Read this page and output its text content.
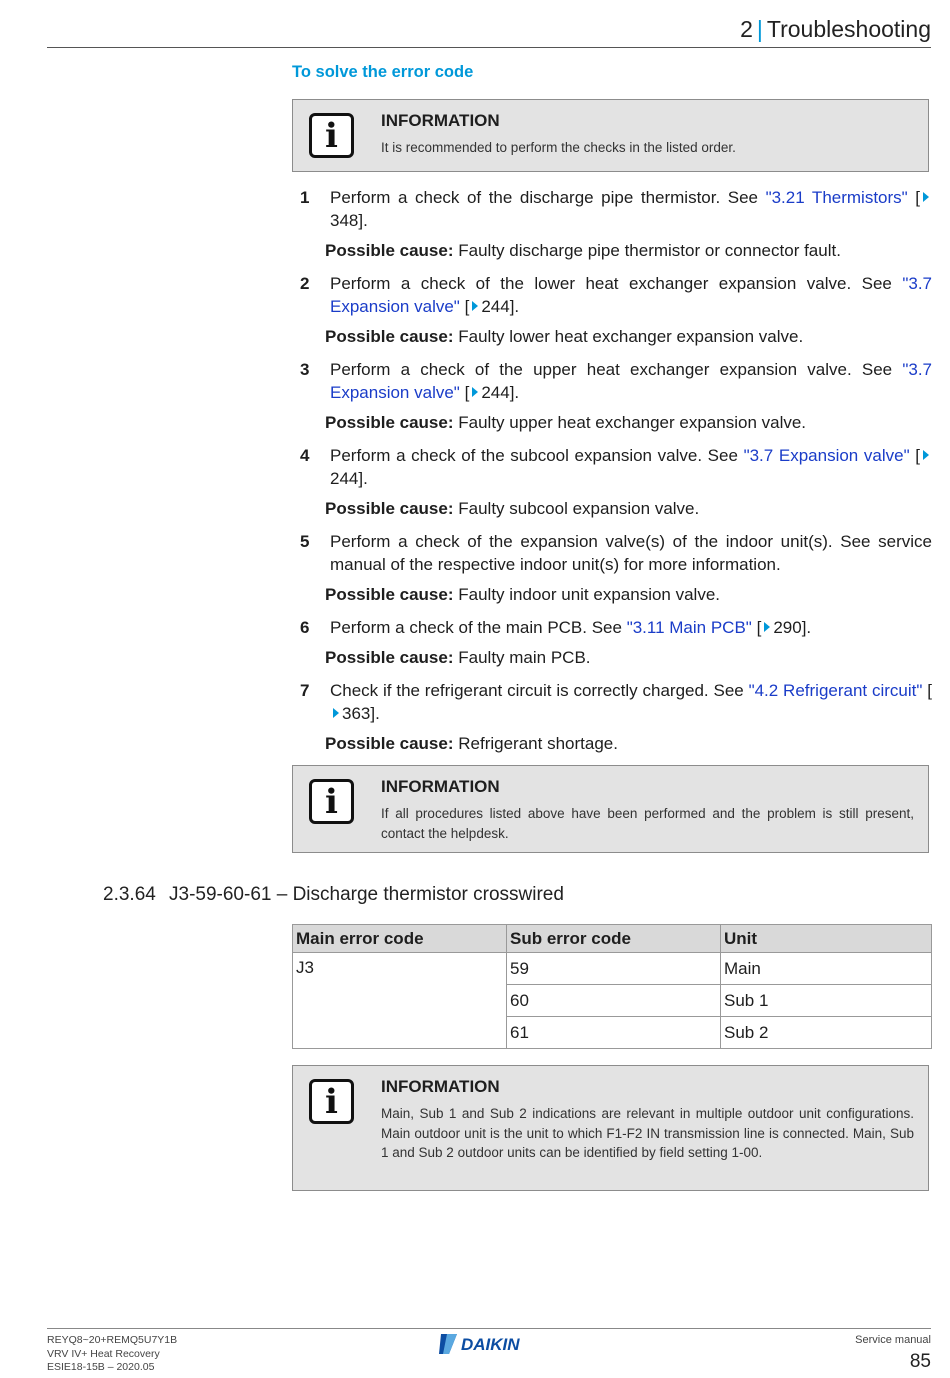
2 | Troubleshooting
To solve the error code
i	INFORMATION
It is recommended to perform the checks in the listed order.
1 Perform a check of the discharge pipe thermistor. See "3.21 Thermistors" [348].
Possible cause: Faulty discharge pipe thermistor or connector fault.
2 Perform a check of the lower heat exchanger expansion valve. See "3.7 Expansion valve" [ 244].
Possible cause: Faulty lower heat exchanger expansion valve.
3 Perform a check of the upper heat exchanger expansion valve. See "3.7 Expansion valve" [ 244].
Possible cause: Faulty upper heat exchanger expansion valve.
4 Perform a check of the subcool expansion valve. See "3.7 Expansion valve" [244].
Possible cause: Faulty subcool expansion valve.
5 Perform a check of the expansion valve(s) of the indoor unit(s). See service manual of the respective indoor unit(s) for more information.
Possible cause: Faulty indoor unit expansion valve.
6 Perform a check of the main PCB. See "3.11 Main PCB" [ 290].
Possible cause: Faulty main PCB.
7 Check if the refrigerant circuit is correctly charged. See "4.2 Refrigerant circuit" [363].
Possible cause: Refrigerant shortage.
i	INFORMATION
If all procedures listed above have been performed and the problem is still present, contact the helpdesk.
2.3.64 J3-59-60-61 – Discharge thermistor crosswired
Main error code	Sub error code	Unit
J3	59	Main
	60	Sub 1
	61	Sub 2
i	INFORMATION
Main, Sub 1 and Sub 2 indications are relevant in multiple outdoor unit configurations. Main outdoor unit is the unit to which F1-F2 IN transmission line is connected. Main, Sub 1 and Sub 2 outdoor units can be identified by field setting 1-00.
REYQ8~20+REMQ5U7Y1B
VRV IV+ Heat Recovery
ESIE18-15B – 2020.05
DAIKIN	Service manual
85
